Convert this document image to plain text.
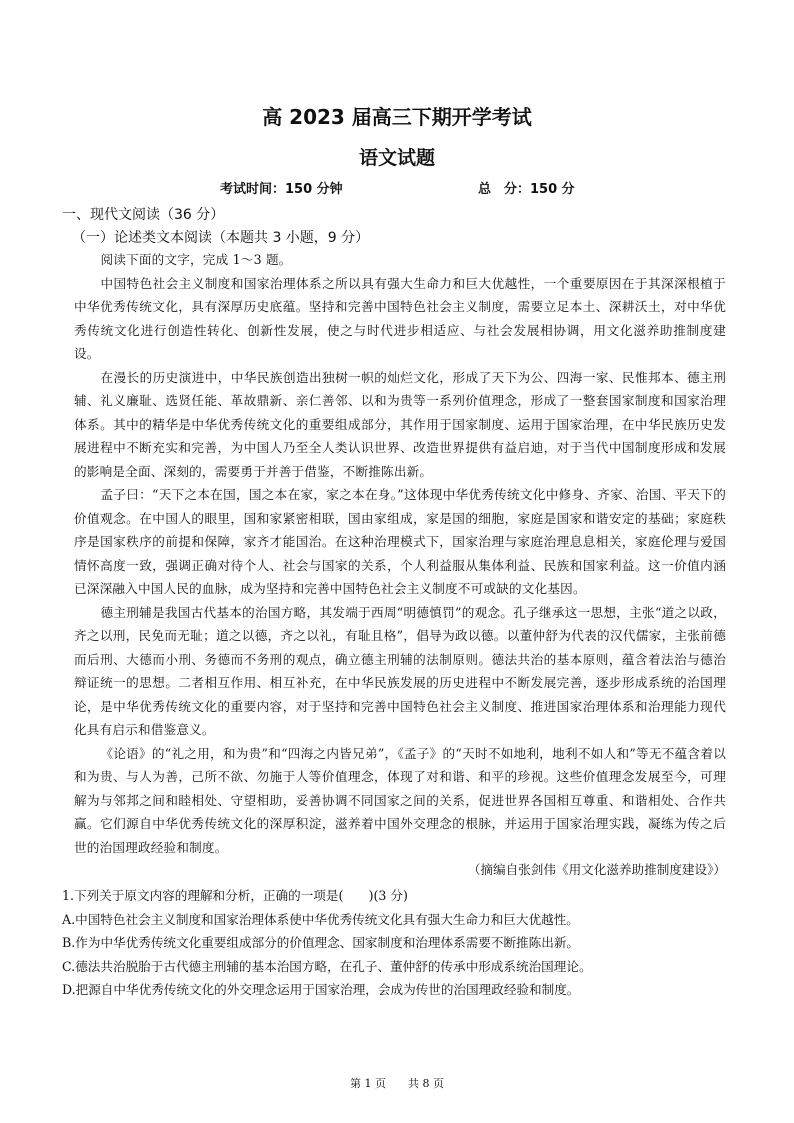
高 2023 届高三下期开学考试
语文试题
考试时间：150 分钟	总　分：150 分
一、现代文阅读（36 分）
（一）论述类文本阅读（本题共 3 小题，9 分）

阅读下面的文字，完成 1～3 题。

中国特色社会主义制度和国家治理体系之所以具有强大生命力和巨大优越性，一个重要原因在于其深深根植于中华优秀传统文化，具有深厚历史底蕴。坚持和完善中国特色社会主义制度，需要立足本土、深耕沃土，对中华优秀传统文化进行创造性转化、创新性发展，使之与时代进步相适应、与社会发展相协调，用文化滋养助推制度建设。

在漫长的历史演进中，中华民族创造出独树一帜的灿烂文化，形成了天下为公、四海一家、民惟邦本、德主刑辅、礼义廉耻、选贤任能、革故鼎新、亲仁善邻、以和为贵等一系列价值理念，形成了一整套国家制度和国家治理体系。其中的精华是中华优秀传统文化的重要组成部分，其作用于国家制度、运用于国家治理，在中华民族历史发展进程中不断充实和完善，为中国人乃至全人类认识世界、改造世界提供有益启迪，对于当代中国制度形成和发展的影响是全面、深刻的，需要勇于并善于借鉴，不断推陈出新。

孟子曰：“天下之本在国，国之本在家，家之本在身。”这体现中华优秀传统文化中修身、齐家、治国、平天下的价值观念。在中国人的眼里，国和家紧密相联，国由家组成，家是国的细胞，家庭是国家和谐安定的基础；家庭秩序是国家秩序的前提和保障，家齐才能国治。在这种治理模式下，国家治理与家庭治理息息相关，家庭伦理与爱国情怀高度一致，强调正确对待个人、社会与国家的关系，个人利益服从集体利益、民族和国家利益。这一价值内涵已深深融入中国人民的血脉，成为坚持和完善中国特色社会主义制度不可或缺的文化基因。

德主刑辅是我国古代基本的治国方略，其发端于西周“明德慎罚”的观念。孔子继承这一思想，主张“道之以政，齐之以刑，民免而无耻；道之以德，齐之以礼，有耻且格”，倡导为政以德。以董仲舒为代表的汉代儒家，主张前德而后刑、大德而小刑、务德而不务刑的观点，确立德主刑辅的法制原则。德法共治的基本原则，蕴含着法治与德治辩证统一的思想。二者相互作用、相互补充，在中华民族发展的历史进程中不断发展完善，逐步形成系统的治国理论，是中华优秀传统文化的重要内容，对于坚持和完善中国特色社会主义制度、推进国家治理体系和治理能力现代化具有启示和借鉴意义。

《论语》的“礼之用，和为贵”和“四海之内皆兄弟”，《孟子》的“天时不如地利，地利不如人和”等无不蕴含着以和为贵、与人为善，己所不欲、勿施于人等价值理念，体现了对和谐、和平的珍视。这些价值理念发展至今，可理解为与邻邦之间和睦相处、守望相助，妥善协调不同国家之间的关系，促进世界各国相互尊重、和谐相处、合作共赢。它们源自中华优秀传统文化的深厚积淀，滋养着中国外交理念的根脉，并运用于国家治理实践，凝练为传之后世的治国理政经验和制度。

（摘编自张剑伟《用文化滋养助推制度建设》）
1.下列关于原文内容的理解和分析，正确的一项是(　　)(3 分)
A.中国特色社会主义制度和国家治理体系使中华优秀传统文化具有强大生命力和巨大优越性。
B.作为中华优秀传统文化重要组成部分的价值理念、国家制度和治理体系需要不断推陈出新。
C.德法共治脱胎于古代德主刑辅的基本治国方略，在孔子、董仲舒的传承中形成系统治国理论。
D.把源自中华优秀传统文化的外交理念运用于国家治理，会成为传世的治国理政经验和制度。
第 1 页　　共 8 页
